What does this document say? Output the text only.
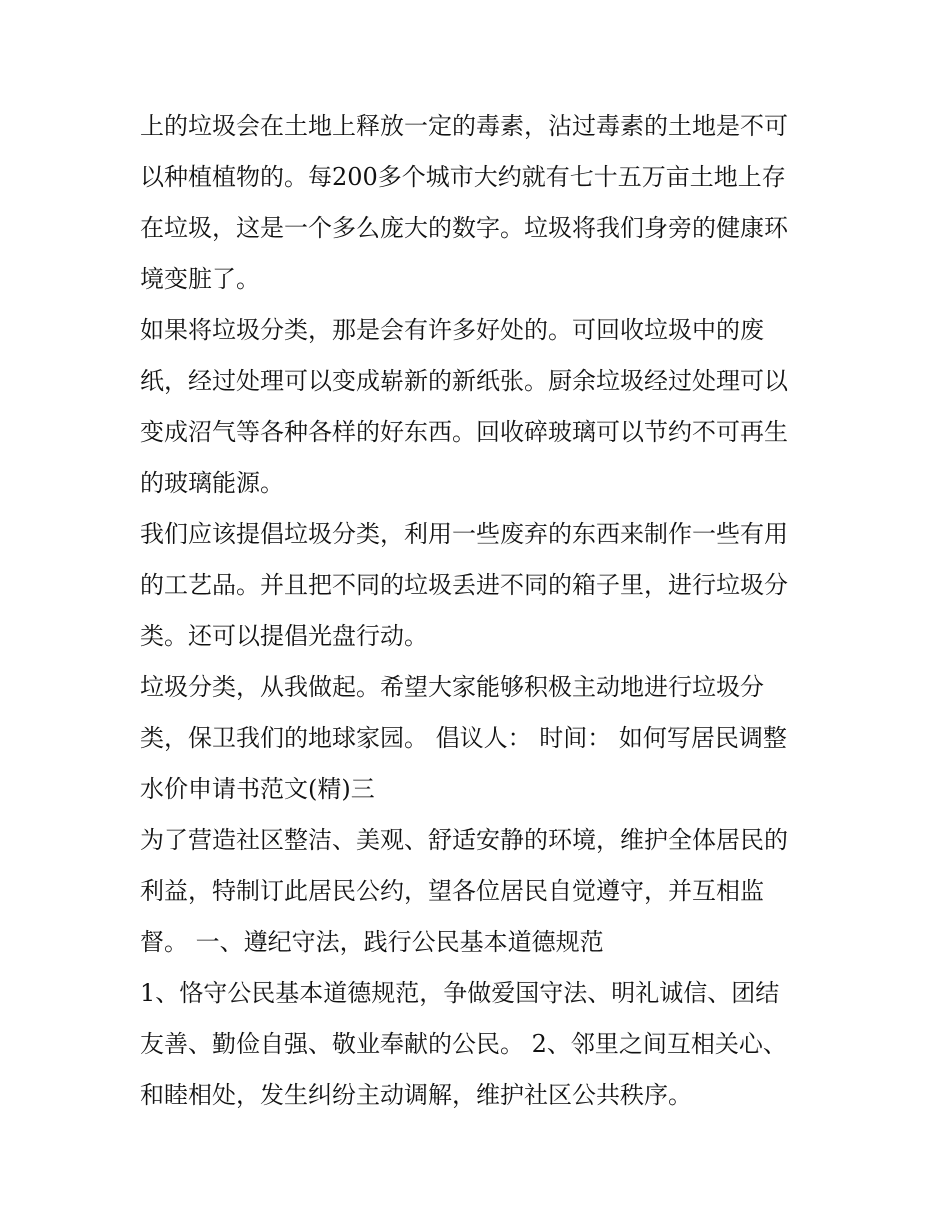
上的垃圾会在土地上释放一定的毒素，沾过毒素的土地是不可
以种植植物的。每200多个城市大约就有七十五万亩土地上存
在垃圾，这是一个多么庞大的数字。垃圾将我们身旁的健康环
境变脏了。
如果将垃圾分类，那是会有许多好处的。可回收垃圾中的废
纸，经过处理可以变成崭新的新纸张。厨余垃圾经过处理可以
变成沼气等各种各样的好东西。回收碎玻璃可以节约不可再生
的玻璃能源。
我们应该提倡垃圾分类，利用一些废弃的东西来制作一些有用
的工艺品。并且把不同的垃圾丢进不同的箱子里，进行垃圾分
类。还可以提倡光盘行动。
垃圾分类，从我做起。希望大家能够积极主动地进行垃圾分
类，保卫我们的地球家园。 倡议人： 时间： 如何写居民调整
水价申请书范文(精)三
为了营造社区整洁、美观、舒适安静的环境，维护全体居民的
利益，特制订此居民公约，望各位居民自觉遵守，并互相监
督。 一、遵纪守法，践行公民基本道德规范
1、恪守公民基本道德规范，争做爱国守法、明礼诚信、团结
友善、勤俭自强、敬业奉献的公民。 2、邻里之间互相关心、
和睦相处，发生纠纷主动调解，维护社区公共秩序。
